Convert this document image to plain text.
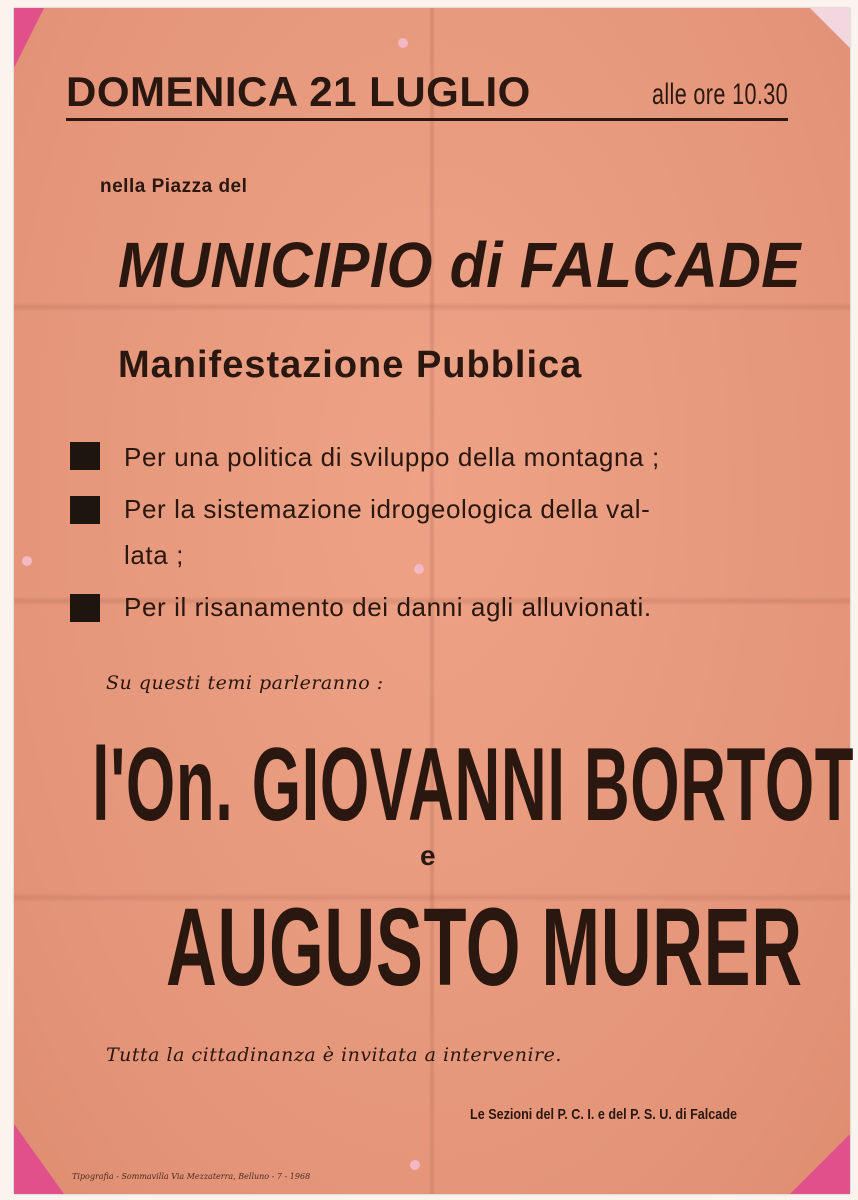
DOMENICA 21 LUGLIO	alle ore 10.30
nella Piazza del
MUNICIPIO di FALCADE
Manifestazione Pubblica
Per una politica di sviluppo della montagna ;
Per la sistemazione idrogeologica della val-
lata ;
Per il risanamento dei danni agli alluvionati.
Su questi temi parleranno :
l'On. GIOVANNI BORTOT
e
AUGUSTO MURER
Tutta la cittadinanza è invitata a intervenire.
Le Sezioni del P. C. I. e del P. S. U. di Falcade
Tipografia - Sommavilla Via Mezzaterra, Belluno - 7 - 1968
